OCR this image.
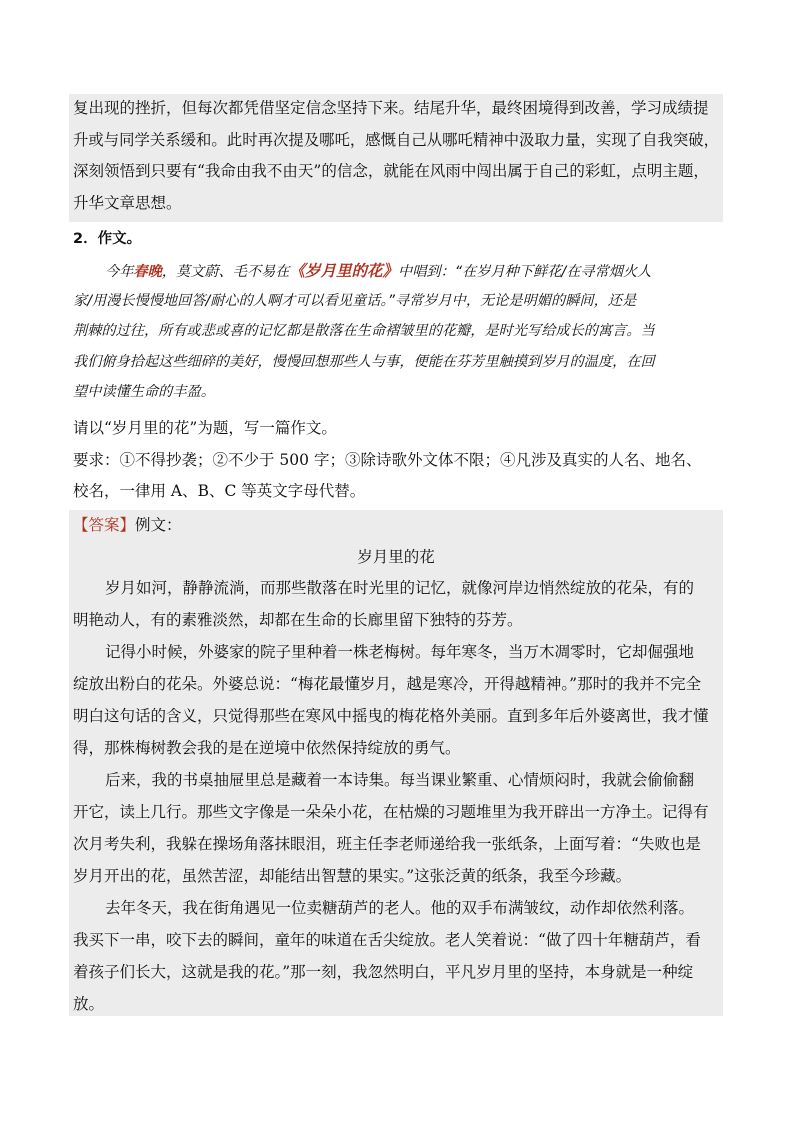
复出现的挫折，但每次都凭借坚定信念坚持下来。结尾升华，最终困境得到改善，学习成绩提
升或与同学关系缓和。此时再次提及哪吒，感慨自己从哪吒精神中汲取力量，实现了自我突破，
深刻领悟到只要有“我命由我不由天”的信念，就能在风雨中闯出属于自己的彩虹，点明主题，
升华文章思想。
2．作文。
今年春晚，莫文蔚、毛不易在《岁月里的花》中唱到：“在岁月种下鲜花/在寻常烟火人
家/用漫长慢慢地回答/耐心的人啊才可以看见童话。”寻常岁月中，无论是明媚的瞬间，还是
荆棘的过往，所有或悲或喜的记忆都是散落在生命褶皱里的花瓣，是时光写给成长的寓言。当
我们俯身拾起这些细碎的美好，慢慢回想那些人与事，便能在芬芳里触摸到岁月的温度，在回
望中读懂生命的丰盈。
请以“岁月里的花”为题，写一篇作文。
要求：①不得抄袭；②不少于 500 字；③除诗歌外文体不限；④凡涉及真实的人名、地名、
校名，一律用 A、B、C 等英文字母代替。
【答案】例文：
岁月里的花
岁月如河，静静流淌，而那些散落在时光里的记忆，就像河岸边悄然绽放的花朵，有的
明艳动人，有的素雅淡然，却都在生命的长廊里留下独特的芬芳。
记得小时候，外婆家的院子里种着一株老梅树。每年寒冬，当万木凋零时，它却倔强地
绽放出粉白的花朵。外婆总说：“梅花最懂岁月，越是寒冷，开得越精神。”那时的我并不完全
明白这句话的含义，只觉得那些在寒风中摇曳的梅花格外美丽。直到多年后外婆离世，我才懂
得，那株梅树教会我的是在逆境中依然保持绽放的勇气。
后来，我的书桌抽屉里总是藏着一本诗集。每当课业繁重、心情烦闷时，我就会偷偷翻
开它，读上几行。那些文字像是一朵朵小花，在枯燥的习题堆里为我开辟出一方净土。记得有
次月考失利，我躲在操场角落抹眼泪，班主任李老师递给我一张纸条，上面写着：“失败也是
岁月开出的花，虽然苦涩，却能结出智慧的果实。”这张泛黄的纸条，我至今珍藏。
去年冬天，我在街角遇见一位卖糖葫芦的老人。他的双手布满皱纹，动作却依然利落。
我买下一串，咬下去的瞬间，童年的味道在舌尖绽放。老人笑着说：“做了四十年糖葫芦，看
着孩子们长大，这就是我的花。”那一刻，我忽然明白，平凡岁月里的坚持，本身就是一种绽
放。
